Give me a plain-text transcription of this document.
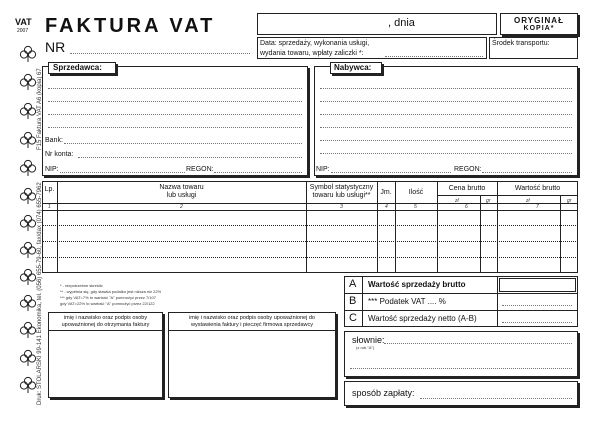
VAT
2007
F15 Faktura VAT A6 (kopia) 67
Druk: STOLARSKI 99-141 Ekonomika, tel. (056) 655-79-60, fax/dax (074) 655-7962
FAKTURA VAT
NR
, dnia	ORYGINAŁ
KOPIA*
Data: sprzedaży, wykonania usługi,
wydania towaru, wpłaty zaliczki *:
Środek transportu:
Sprzedawca:
Bank:
Nr konta:
NIP:	REGON:
Nabywca:
NIP:	REGON:
Lp.	Nazwa towaru
lub usługi
Symbol statystyczny
towaru lub usługi**	Jm.	Ilość
Cena brutto	Wartość brutto
zł	gr	zł	gr
1	2	3	4	5	6	7
* - niepotrzebne skreślić
** - wypełnia się, gdy stawka podatku jest niższa niż 22%
*** gdy VAT=7% to wartość "A" pomnożyć przez 7/107
gdy VAT=22% to wartość "A" pomnożyć przez 22/122
imię i nazwisko oraz podpis osoby
upoważnionej do otrzymania faktury
imię i nazwisko oraz podpis osoby upoważnionej do
wystawienia faktury i pieczęć firmowa sprzedawcy
A Wartość sprzedaży brutto
B *** Podatek VAT .... %
C Wartość sprzedaży netto (A-B)
słownie:
(z rub."A")
sposób zapłaty:
